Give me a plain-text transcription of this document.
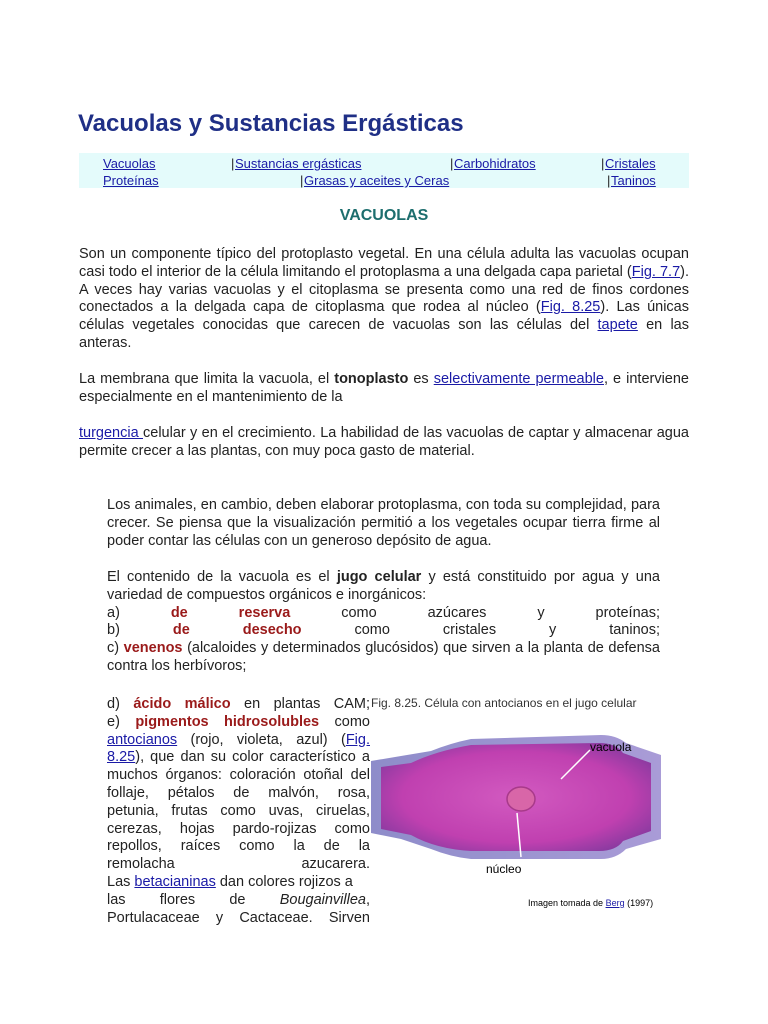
Vacuolas y Sustancias Ergásticas
Vacuolas	| Sustancias ergásticas	| Carbohidratos	| Cristales
Proteínas	| Grasas y aceites y Ceras	| Taninos
VACUOLAS

Son un componente típico del protoplasto vegetal. En una célula adulta las vacuolas ocupan casi todo el interior de la célula limitando el protoplasma a una delgada capa parietal (Fig. 7.7). A veces hay varias vacuolas y el citoplasma se presenta como una red de finos cordones conectados a la delgada capa de citoplasma que rodea al núcleo (Fig. 8.25). Las únicas células vegetales conocidas que carecen de vacuolas son las células del tapete en las anteras.

La membrana que limita la vacuola, el tonoplasto es selectivamente permeable, e interviene especialmente en el mantenimiento de la

turgencia celular y en el crecimiento. La habilidad de las vacuolas de captar y almacenar agua permite crecer a las plantas, con muy poca gasto de material.

Los animales, en cambio, deben elaborar protoplasma, con toda su complejidad, para crecer. Se piensa que la visualización permitió a los vegetales ocupar tierra firme al poder contar las células con un generoso depósito de agua.

El contenido de la vacuola es el jugo celular y está constituido por agua y una variedad de compuestos orgánicos e inorgánicos:
a) de reserva como azúcares y proteínas;
b) de desecho como cristales y taninos;
c) venenos (alcaloides y determinados glucósidos) que sirven a la planta de defensa contra los herbívoros;
d) ácido málico en plantas CAM;
e) pigmentos hidrosolubles como
antocianos (rojo, violeta, azul) (Fig.
8.25), que dan su color característico a
muchos órganos: coloración otoñal del
follaje, pétalos de malvón, rosa,
petunia, frutas como uvas, ciruelas,
cerezas, hojas pardo-rojizas como
repollos, raíces como la de la
remolacha azucarera.
Las betacianinas dan colores rojizos a
las flores de Bougainvillea,
Portulacaceae y Cactaceae. Sirven
Fig. 8.25. Célula con antocianos en el jugo celular
vacuola
núcleo
Imagen tomada de Berg (1997)
